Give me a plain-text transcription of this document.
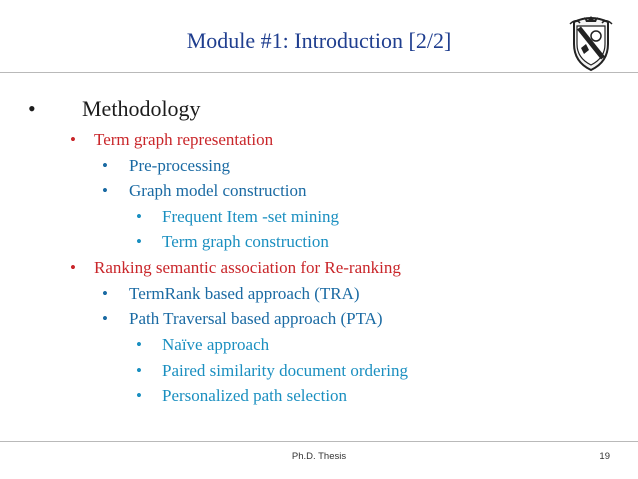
Module #1: Introduction [2/2]
• Methodology
• Term graph representation
• Pre-processing
• Graph model construction
• Frequent Item -set mining
• Term graph construction
• Ranking semantic association for Re-ranking
• TermRank based approach (TRA)
• Path Traversal based approach (PTA)
• Naïve approach
• Paired similarity document ordering
• Personalized path selection
Ph.D. Thesis	19
